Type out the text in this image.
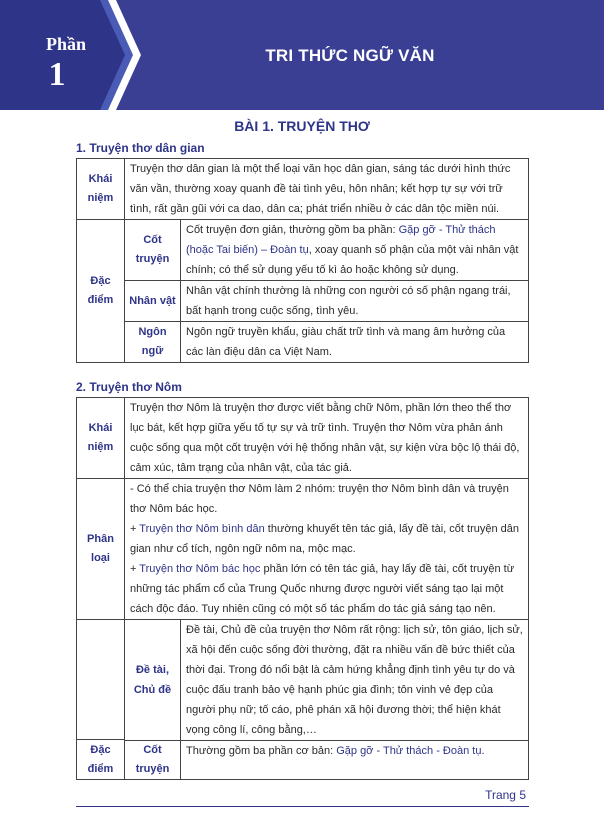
Phần
1
TRI THỨC NGỮ VĂN
BÀI 1. TRUYỆN THƠ
1. Truyện thơ dân gian
Khái niệm	Truyện thơ dân gian là một thể loại văn học dân gian, sáng tác dưới hình thức văn vần, thường xoay quanh đề tài tình yêu, hôn nhân; kết hợp tự sự với trữ tình, rất gần gũi với ca dao, dân ca; phát triển nhiều ở các dân tộc miền núi.	
Đặc điểm	Cốt truyện	Cốt truyện đơn giản, thường gồm ba phần: Gặp gỡ - Thử thách (hoặc Tai biến) – Đoàn tụ, xoay quanh số phận của một vài nhân vật chính; có thể sử dụng yếu tố kì ảo hoặc không sử dụng.
	Nhân vật	Nhân vật chính thường là những con người có số phận ngang trái, bất hạnh trong cuộc sống, tình yêu.
	Ngôn ngữ	Ngôn ngữ truyền khẩu, giàu chất trữ tình và mang âm hưởng của các làn điệu dân ca Việt Nam.
2. Truyện thơ Nôm
Khái niệm	Truyện thơ Nôm là truyện thơ được viết bằng chữ Nôm, phần lớn theo thể thơ lục bát, kết hợp giữa yếu tố tự sự và trữ tình. Truyện thơ Nôm vừa phản ánh cuộc sống qua một cốt truyện với hệ thống nhân vật, sự kiện vừa bộc lộ thái độ, cảm xúc, tâm trạng của nhân vật, của tác giả.	
Phân loại	- Có thể chia truyện thơ Nôm làm 2 nhóm: truyện thơ Nôm bình dân và truyện thơ Nôm bác học.
+ Truyện thơ Nôm bình dân thường khuyết tên tác giả, lấy đề tài, cốt truyện dân gian như cổ tích, ngôn ngữ nôm na, mộc mạc.
+ Truyện thơ Nôm bác học phần lớn có tên tác giả, hay lấy đề tài, cốt truyện từ những tác phẩm cổ của Trung Quốc nhưng được người viết sáng tạo lại một cách độc đáo. Tuy nhiên cũng có một số tác phẩm do tác giả sáng tạo nên.	

Đặc điểm	Đề tài, Chủ đề	Đề tài, Chủ đề của truyện thơ Nôm rất rộng: lịch sử, tôn giáo, lịch sử, xã hội đến cuộc sống đời thường, đặt ra nhiều vấn đề bức thiết của thời đại. Trong đó nổi bật là cảm hứng khẳng định tình yêu tự do và cuộc đấu tranh bảo vệ hạnh phúc gia đình; tôn vinh vẻ đẹp của người phụ nữ; tố cáo, phê phán xã hội đương thời; thể hiện khát vọng công lí, công bằng,…
	Cốt truyện	Thường gồm ba phần cơ bản: Gặp gỡ - Thử thách - Đoàn tụ.
Trang 5
